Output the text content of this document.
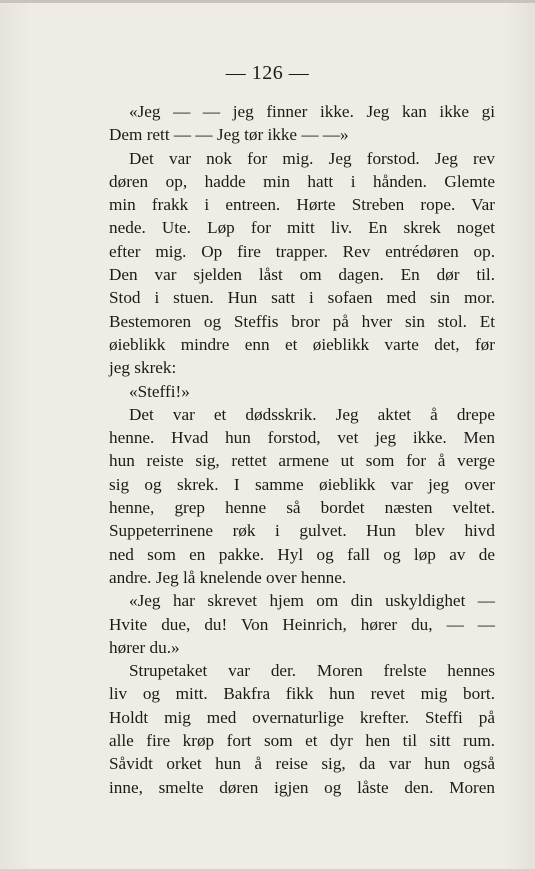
— 126 —
«Jeg — — jeg finner ikke. Jeg kan ikke gi
Dem rett — — Jeg tør ikke — —»
Det var nok for mig. Jeg forstod. Jeg rev
døren op, hadde min hatt i hånden. Glemte
min frakk i entreen. Hørte Streben rope. Var
nede. Ute. Løp for mitt liv. En skrek noget
efter mig. Op fire trapper. Rev entrédøren op.
Den var sjelden låst om dagen. En dør til.
Stod i stuen. Hun satt i sofaen med sin mor.
Bestemoren og Steffis bror på hver sin stol. Et
øieblikk mindre enn et øieblikk varte det, før
jeg skrek:
«Steffi!»
Det var et dødsskrik. Jeg aktet å drepe
henne. Hvad hun forstod, vet jeg ikke. Men
hun reiste sig, rettet armene ut som for å verge
sig og skrek. I samme øieblikk var jeg over
henne, grep henne så bordet næsten veltet.
Suppeterrinene røk i gulvet. Hun blev hivd
ned som en pakke. Hyl og fall og løp av de
andre. Jeg lå knelende over henne.
«Jeg har skrevet hjem om din uskyldighet —
Hvite due, du! Von Heinrich, hører du, — —
hører du.»
Strupetaket var der. Moren frelste hennes
liv og mitt. Bakfra fikk hun revet mig bort.
Holdt mig med overnaturlige krefter. Steffi på
alle fire krøp fort som et dyr hen til sitt rum.
Såvidt orket hun å reise sig, da var hun også
inne, smelte døren igjen og låste den. Moren
